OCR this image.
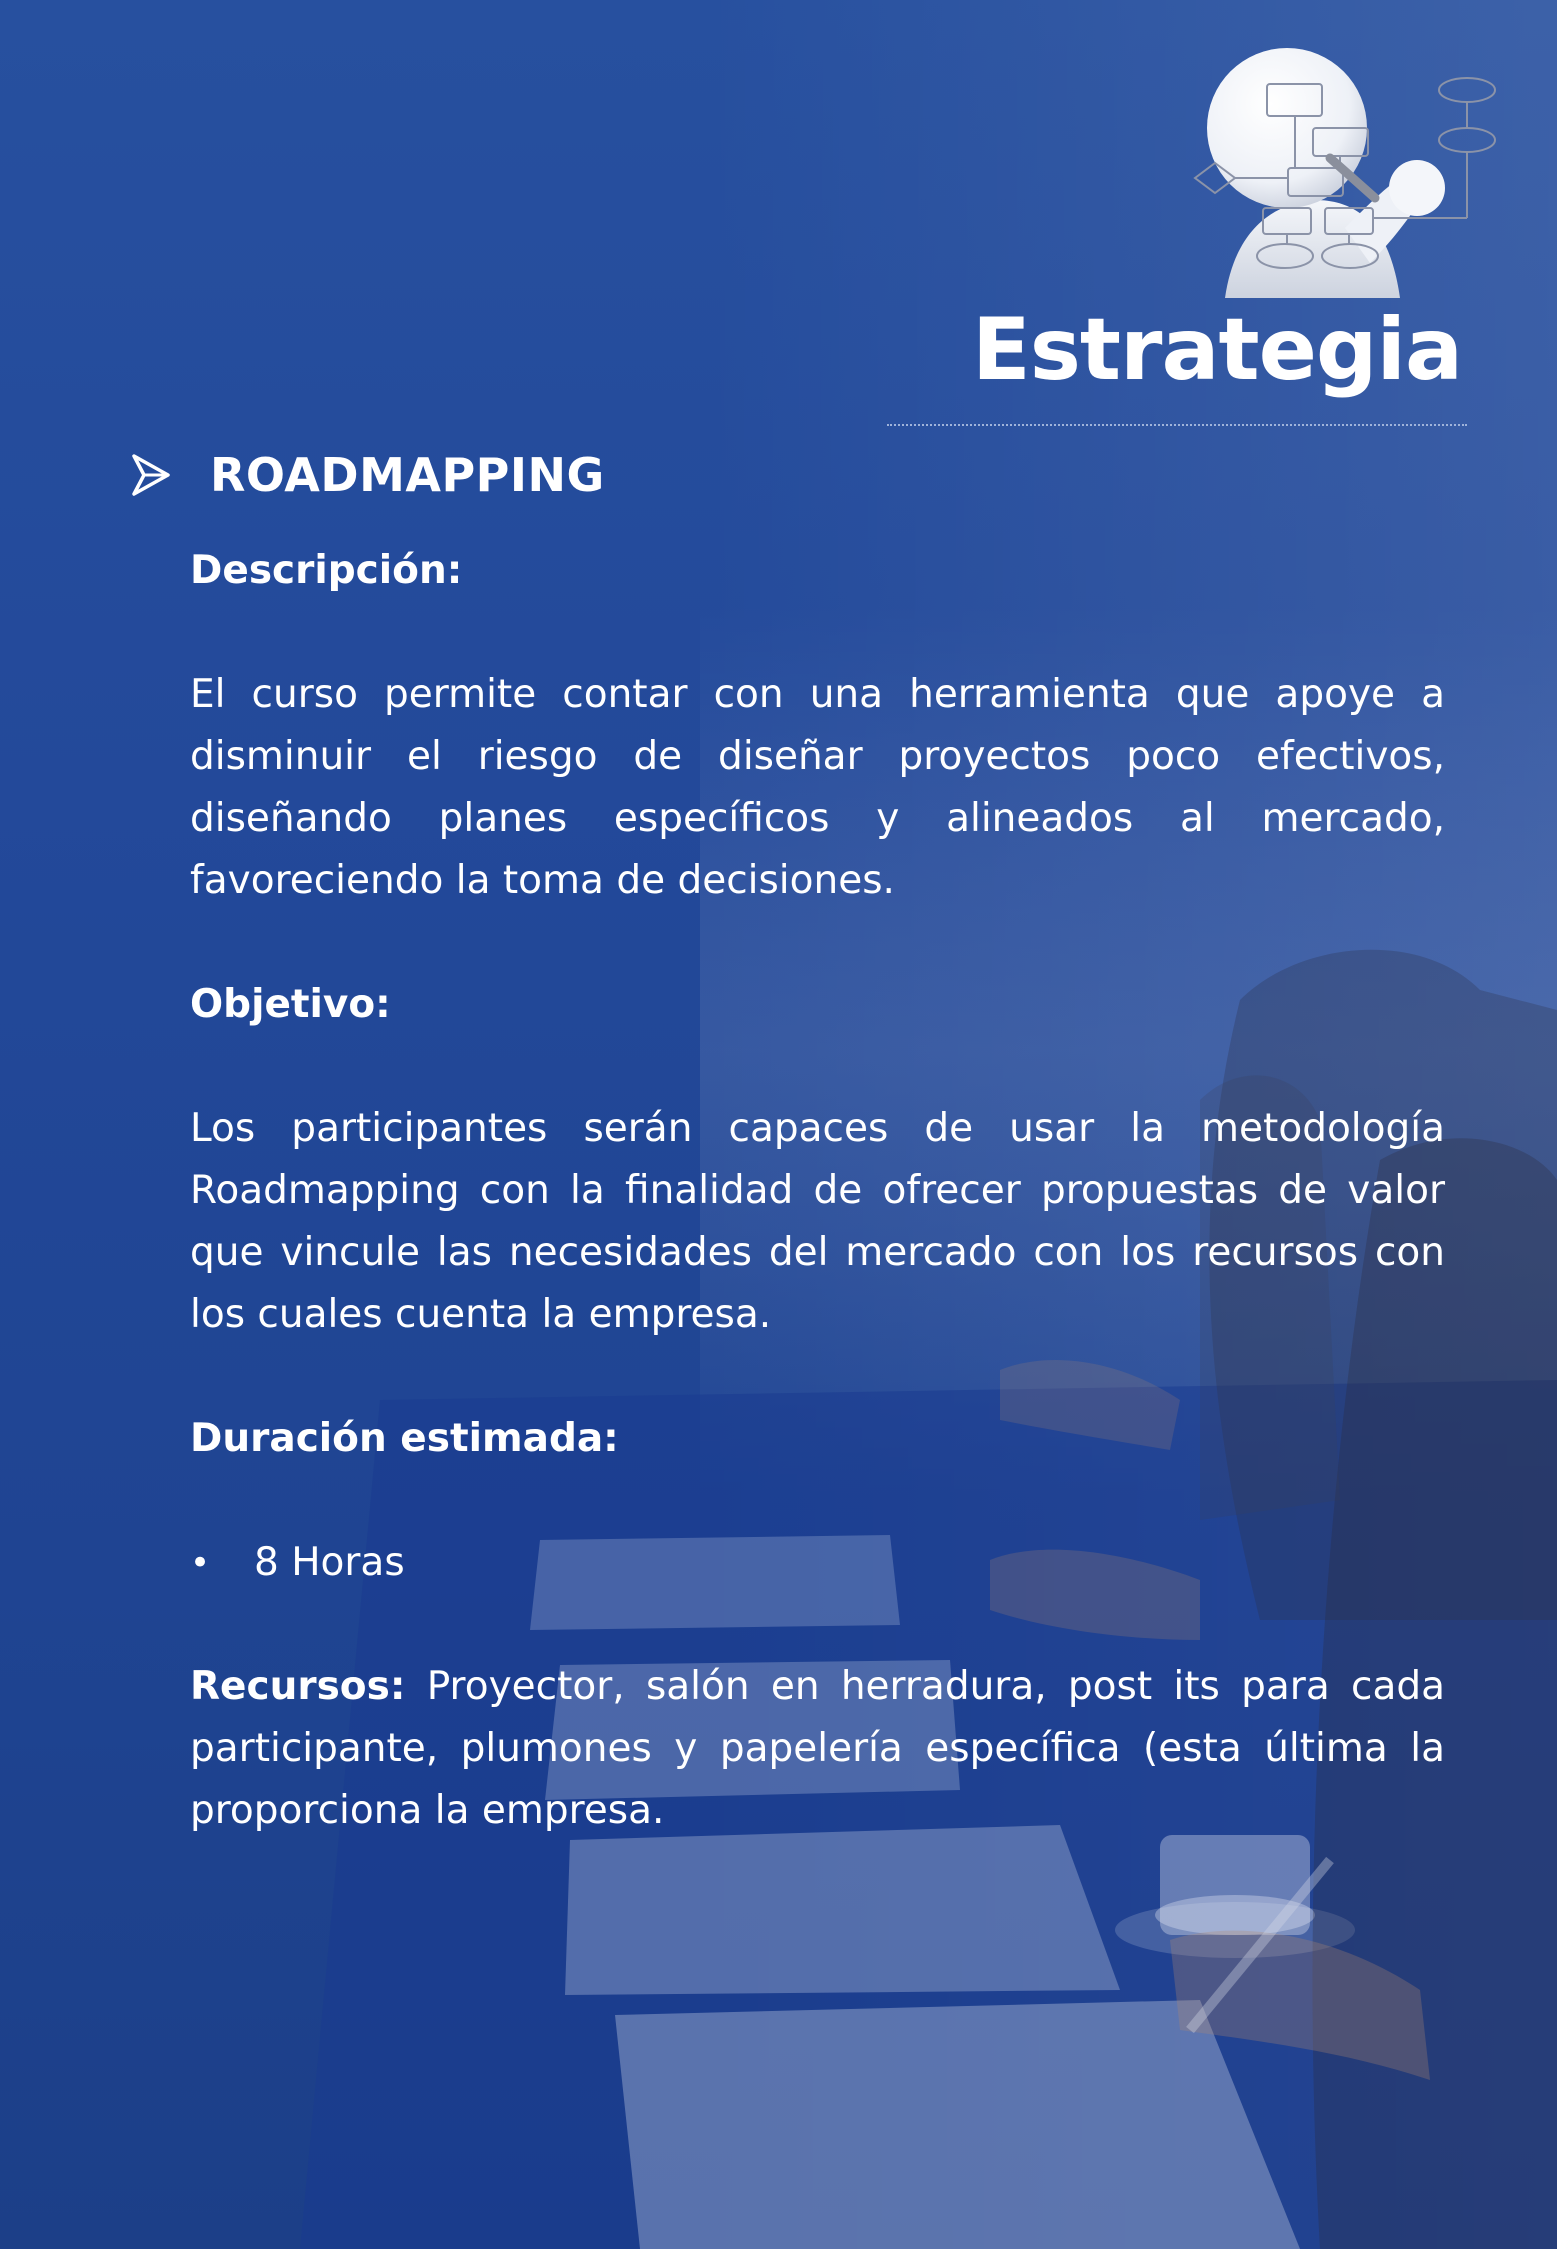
Estrategia
ROADMAPPING
Descripción:

El curso permite contar con una herramienta que apoye a disminuir el riesgo de diseñar proyectos poco efectivos, diseñando planes específicos y alineados al mercado, favoreciendo la toma de decisiones.

Objetivo:

Los participantes serán capaces de usar la metodología Roadmapping con la finalidad de ofrecer propuestas de valor que vincule las necesidades del mercado con los recursos con los cuales cuenta la empresa.

Duración estimada:
•	8 Horas

Recursos: Proyector, salón en herradura, post its para cada participante, plumones y papelería específica (esta última la proporciona la empresa.
